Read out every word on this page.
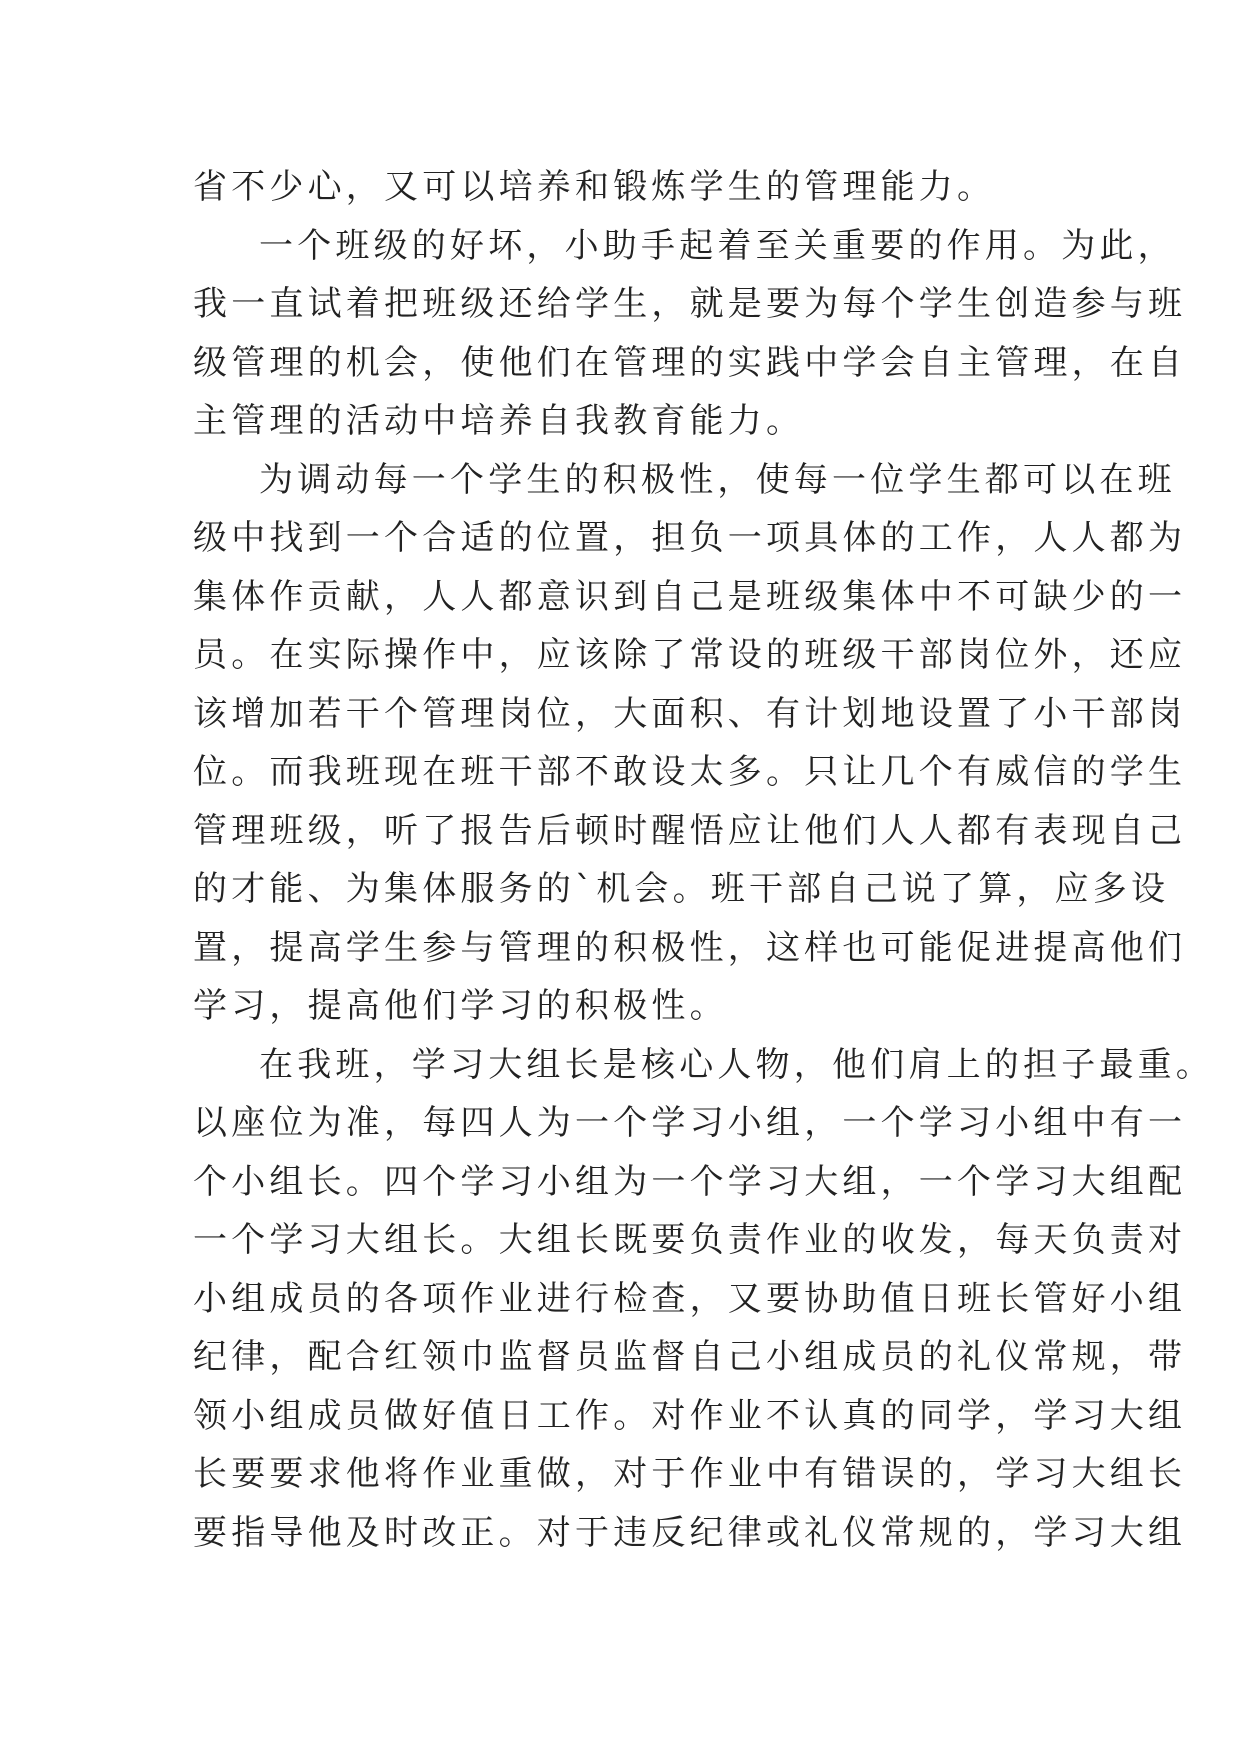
省不少心，又可以培养和锻炼学生的管理能力。
一个班级的好坏，小助手起着至关重要的作用。为此，
我一直试着把班级还给学生，就是要为每个学生创造参与班
级管理的机会，使他们在管理的实践中学会自主管理，在自
主管理的活动中培养自我教育能力。
为调动每一个学生的积极性，使每一位学生都可以在班
级中找到一个合适的位置，担负一项具体的工作，人人都为
集体作贡献，人人都意识到自己是班级集体中不可缺少的一
员。在实际操作中，应该除了常设的班级干部岗位外，还应
该增加若干个管理岗位，大面积、有计划地设置了小干部岗
位。而我班现在班干部不敢设太多。只让几个有威信的学生
管理班级，听了报告后顿时醒悟应让他们人人都有表现自己
的才能、为集体服务的`机会。班干部自己说了算，应多设
置，提高学生参与管理的积极性，这样也可能促进提高他们
学习，提高他们学习的积极性。
在我班，学习大组长是核心人物，他们肩上的担子最重。
以座位为准，每四人为一个学习小组，一个学习小组中有一
个小组长。四个学习小组为一个学习大组，一个学习大组配
一个学习大组长。大组长既要负责作业的收发，每天负责对
小组成员的各项作业进行检查，又要协助值日班长管好小组
纪律，配合红领巾监督员监督自己小组成员的礼仪常规，带
领小组成员做好值日工作。对作业不认真的同学，学习大组
长要要求他将作业重做，对于作业中有错误的，学习大组长
要指导他及时改正。对于违反纪律或礼仪常规的，学习大组
